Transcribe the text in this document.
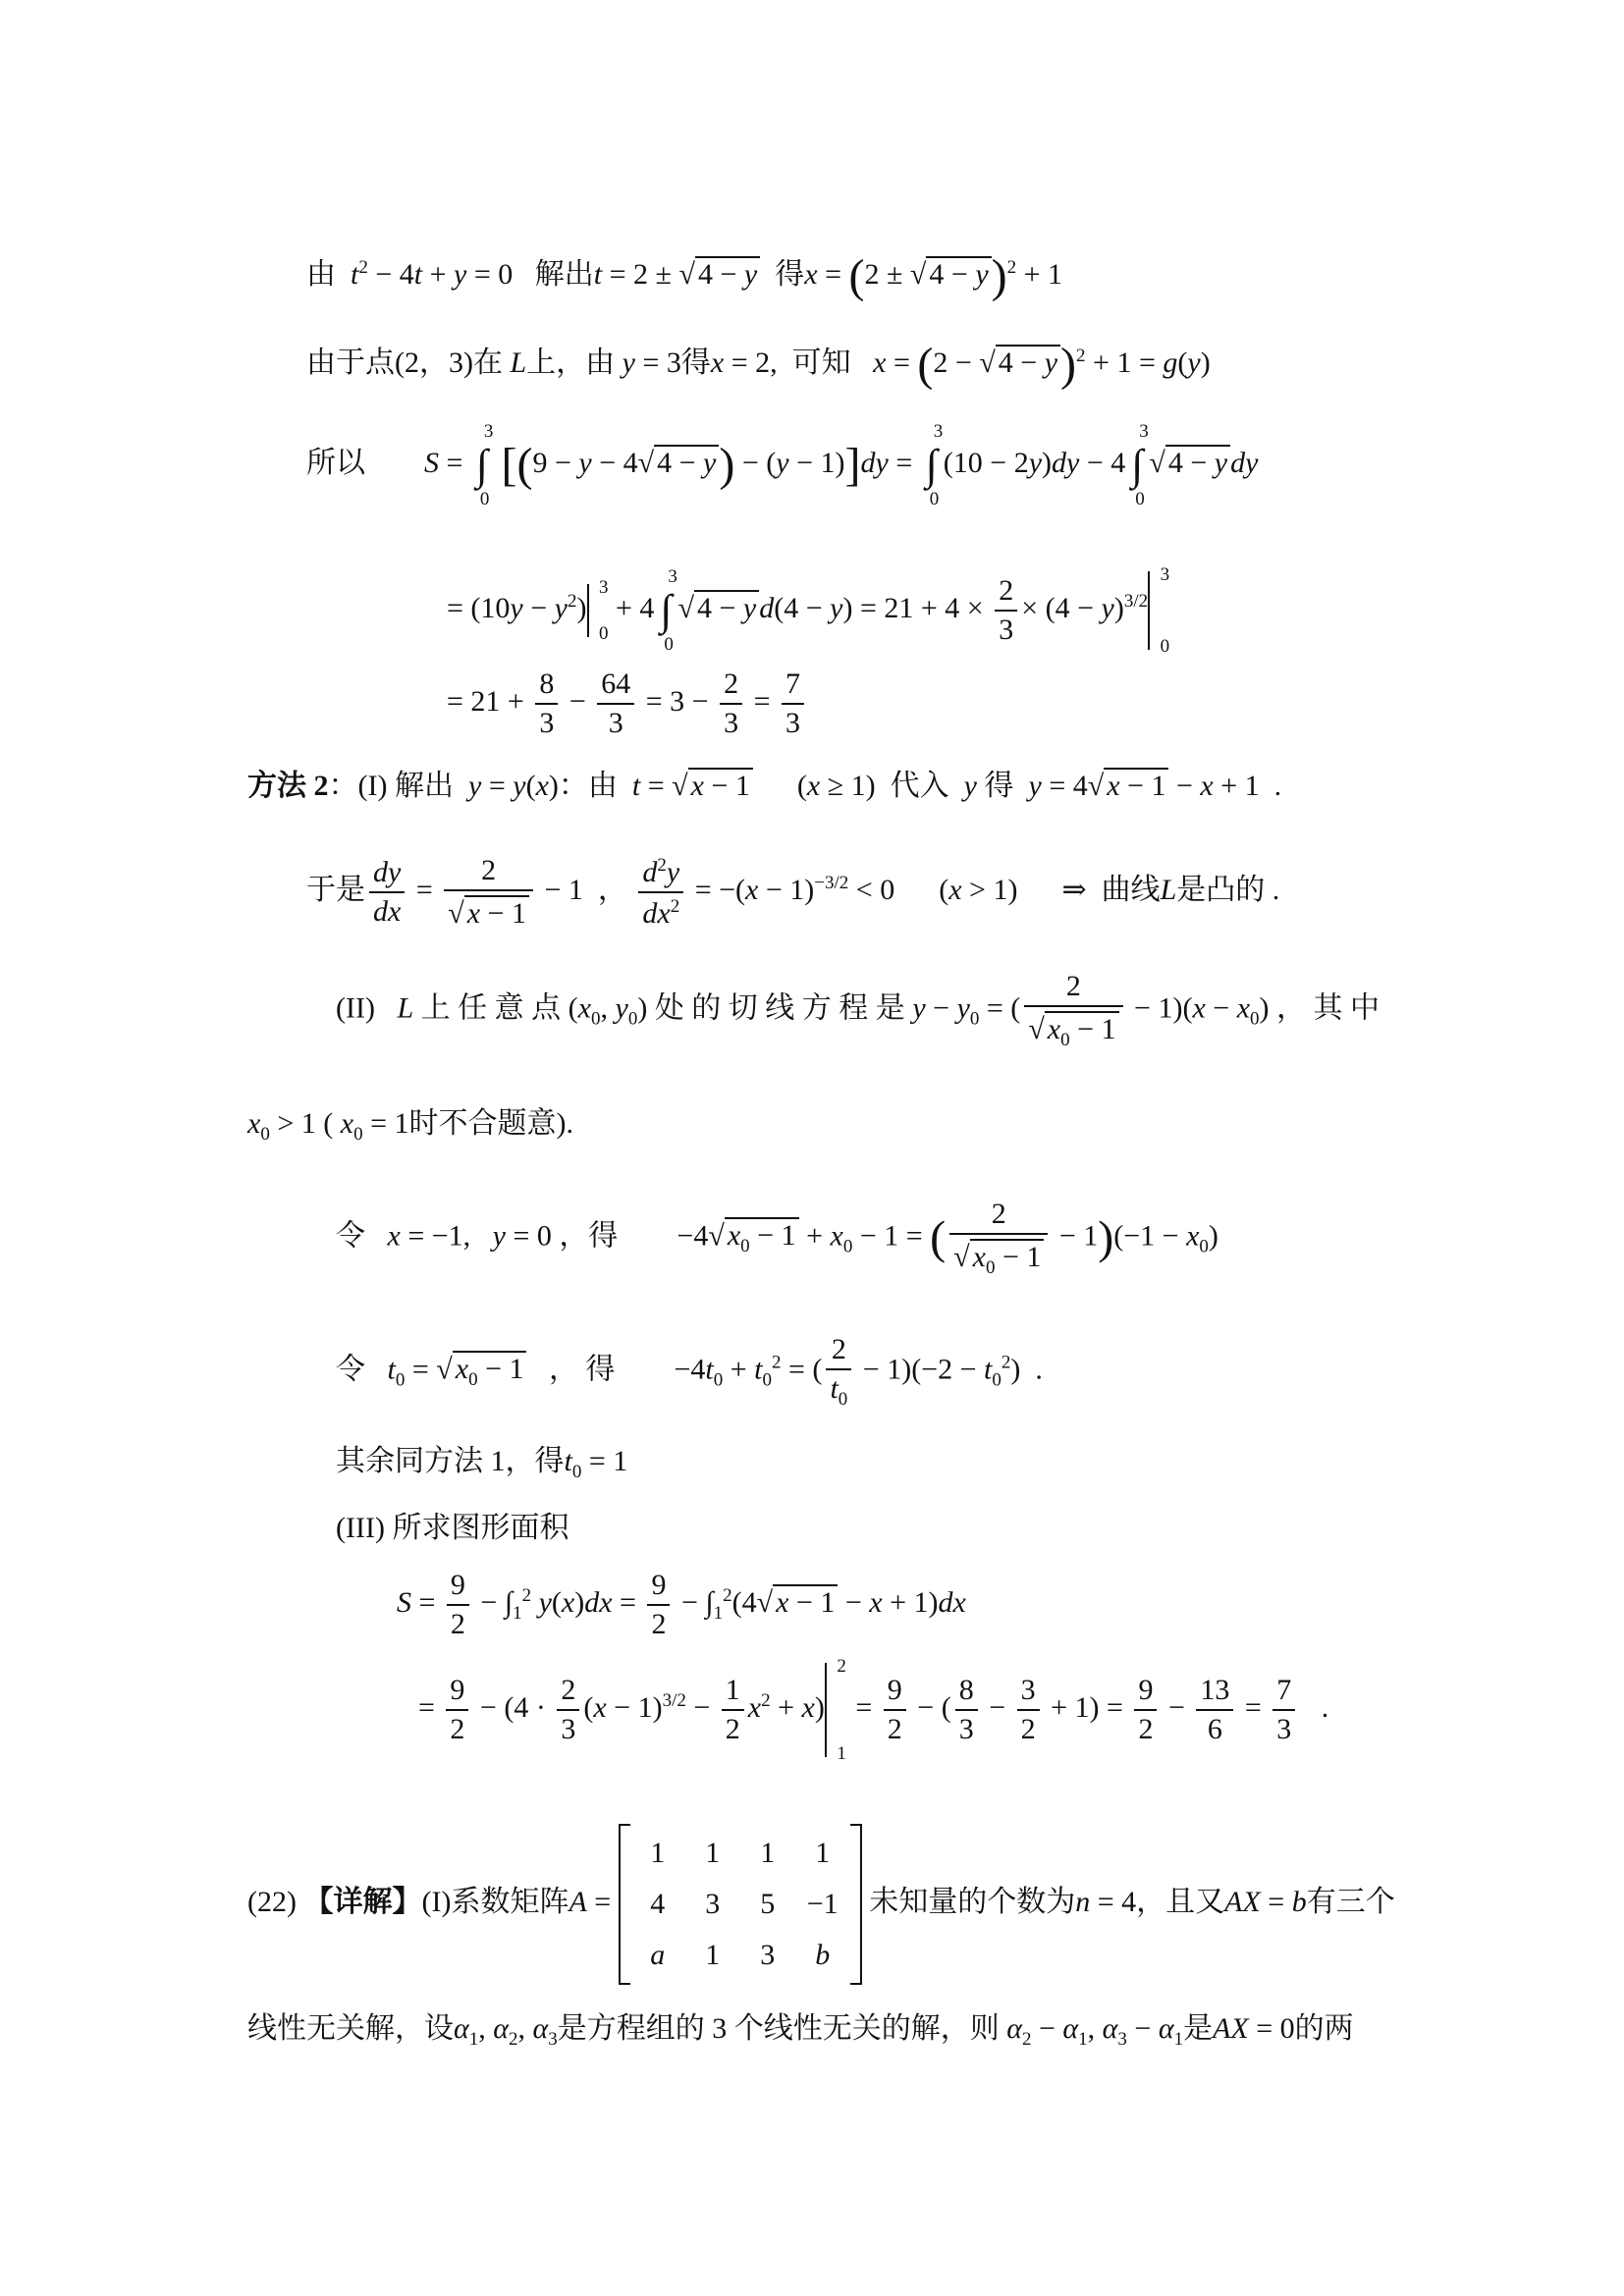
由 $t^2 - 4t + y = 0$   解出t = 2 ± √ 4 − y 得x = (2 ± √ 4 − y)$^2$ + 1
由于点(2，3)在 L上，由 y = 3得x = 2,  可知 x = (2 − √ 4 − y)$^2$ + 1 = g(y)
所以 S = ∫
3
0
[(9 − y − 4√ 4 − y) − (y − 1)]dy = ∫
3
0
(10 − 2y)dy − 4 ∫
3
0
√ 4 − y dy
= $(10y - y^2)$
3
0
+ 4 ∫
3
0
√ 4 − y $d(4 - y) = 21 + 4 \times \frac{2}{3} \times (4 - y)^{3/2}$
3
0
= $21 + \frac{8}{3} - \frac{64}{3} = 3 - \frac{2}{3} = \frac{7}{3}$
方法 2：(I) 解出 y = y(x)：由 t = √ x − 1      (x ≥ 1)  代入 y 得 y = 4√ x − 1 − x + 1  .
于是 $\frac{dy}{dx} = \frac{2}{√ x - 1} - 1$  ， $\frac{d^2y}{dx^2} = -(x - 1)^{-3/2} < 0$      (x > 1)      ⇒  曲线L是凸的 .
(II) L 上 任 意 点 ($x_0$, $y_0$) 处 的 切 线 方 程 是 $y - y_0$ = ( $\frac{2}{√ x_0 - 1} - 1)(x - x_0)$ ， 其 中
$x_0 > 1$ ( $x_0 = 1$时不合题意).
令 x = −1,   y = 0 ，得        −4√ $x_0 - 1 + x_0 - 1$ = ( $\frac{2}{√ x_0 - 1} - 1)(-1 - x_0)$
令 $t_0$ = √ $x_0 - 1$ ， 得        $-4t_0 + t_0^2$ = ( $\frac{2}{t_0} - 1)(-2 - t_0^2)$  .
其余同方法 1，得$t_0 = 1$
(III) 所求图形面积
$S = \frac{9}{2} - \int_1^2$ $y(x)dx = \frac{9}{2} - \int_1^2(4√$ x − 1 − x + 1)dx
= $\frac{9}{2} - (4 \cdot \frac{2}{3} (x - 1)^{3/2} - \frac{1}{2} x^2 + x)$
2
1
= $\frac{9}{2}$ − ( $\frac{8}{3} - \frac{3}{2} + 1) = \frac{9}{2} - \frac{13}{6} = \frac{7}{3}$ .
(22) 【详解】(I)系数矩阵A =
1	1	1	1
4	3	5	−1
a	1	3	b
未知量的个数为n = 4，且又AX = b有三个
线性无关解，设$\alpha_1$, $\alpha_2$, $\alpha_3$是方程组的 3 个线性无关的解，则 $\alpha_2 - \alpha_1$, $\alpha_3 - \alpha_1$是AX = 0的两
